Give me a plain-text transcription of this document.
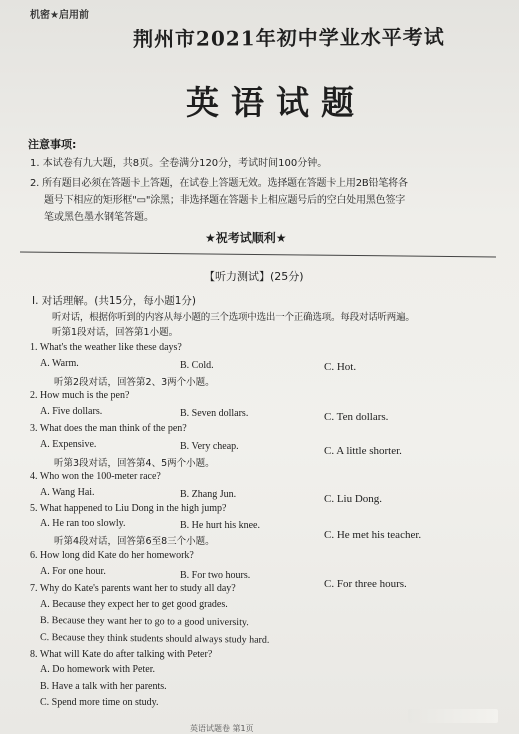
机密★启用前
荆州市2021年初中学业水平考试
英语试题
注意事项:
1. 本试卷有九大题，共8页。全卷满分120分，考试时间100分钟。
2. 所有题目必须在答题卡上答题，在试卷上答题无效。选择题在答题卡上用2B铅笔将各
题号下相应的矩形框"▭"涂黑；非选择题在答题卡上相应题号后的空白处用黑色签字
笔或黑色墨水钢笔答题。
★祝考试顺利★
【听力测试】(25分)
Ⅰ. 对话理解。(共15分，每小题1分)
听对话，根据你听到的内容从每小题的三个选项中选出一个正确选项。每段对话听两遍。
听第1段对话，回答第1小题。
1. What's the weather like these days?
A. Warm.	B. Cold.	C. Hot.
听第2段对话，回答第2、3两个小题。
2. How much is the pen?
A. Five dollars.	B. Seven dollars.	C. Ten dollars.
3. What does the man think of the pen?
A. Expensive.	B. Very cheap.	C. A little shorter.
听第3段对话，回答第4、5两个小题。
4. Who won the 100-meter race?
A. Wang Hai.	B. Zhang Jun.	C. Liu Dong.
5. What happened to Liu Dong in the high jump?
A. He ran too slowly.	B. He hurt his knee.
C. He met his teacher.
听第4段对话，回答第6至8三个小题。
6. How long did Kate do her homework?
A. For one hour.	B. For two hours.
C. For three hours.
7. Why do Kate's parents want her to study all day?
A. Because they expect her to get good grades.
B. Because they want her to go to a good university.
C. Because they think students should always study hard.
8. What will Kate do after talking with Peter?
A. Do homework with Peter.
B. Have a talk with her parents.
C. Spend more time on study.
英语试题卷 第1页
